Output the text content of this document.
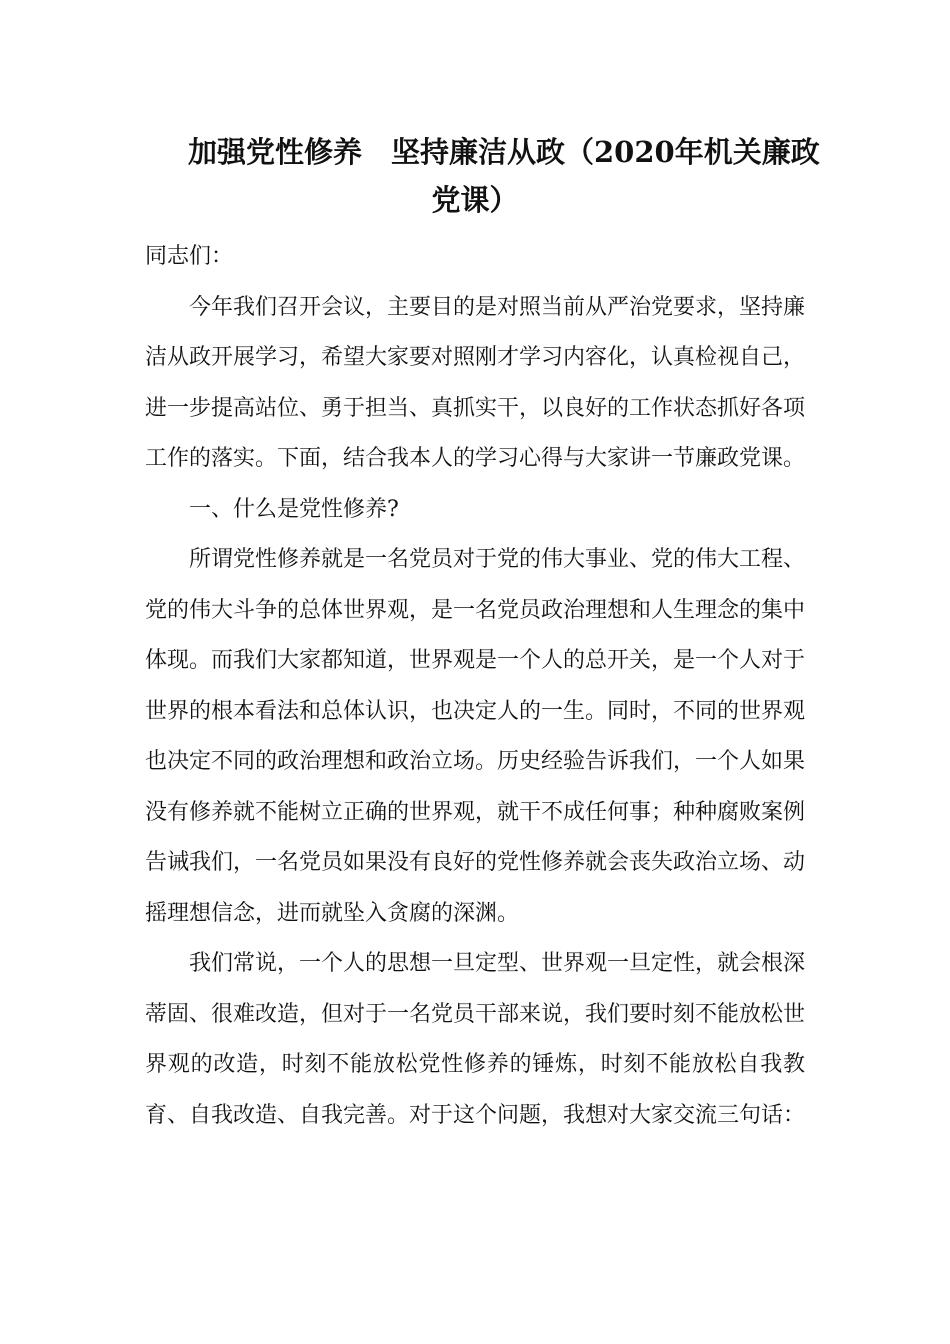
加强党性修养　坚持廉洁从政（2020年机关廉政
党课）

同志们：

今年我们召开会议，主要目的是对照当前从严治党要求，坚持廉洁从政开展学习，希望大家要对照刚才学习内容化，认真检视自己，进一步提高站位、勇于担当、真抓实干，以良好的工作状态抓好各项工作的落实。下面，结合我本人的学习心得与大家讲一节廉政党课。

一、什么是党性修养?

所谓党性修养就是一名党员对于党的伟大事业、党的伟大工程、党的伟大斗争的总体世界观，是一名党员政治理想和人生理念的集中体现。而我们大家都知道，世界观是一个人的总开关，是一个人对于世界的根本看法和总体认识，也决定人的一生。同时，不同的世界观也决定不同的政治理想和政治立场。历史经验告诉我们，一个人如果没有修养就不能树立正确的世界观，就干不成任何事；种种腐败案例告诫我们，一名党员如果没有良好的党性修养就会丧失政治立场、动摇理想信念，进而就坠入贪腐的深渊。

我们常说，一个人的思想一旦定型、世界观一旦定性，就会根深蒂固、很难改造，但对于一名党员干部来说，我们要时刻不能放松世界观的改造，时刻不能放松党性修养的锤炼，时刻不能放松自我教育、自我改造、自我完善。对于这个问题，我想对大家交流三句话：
